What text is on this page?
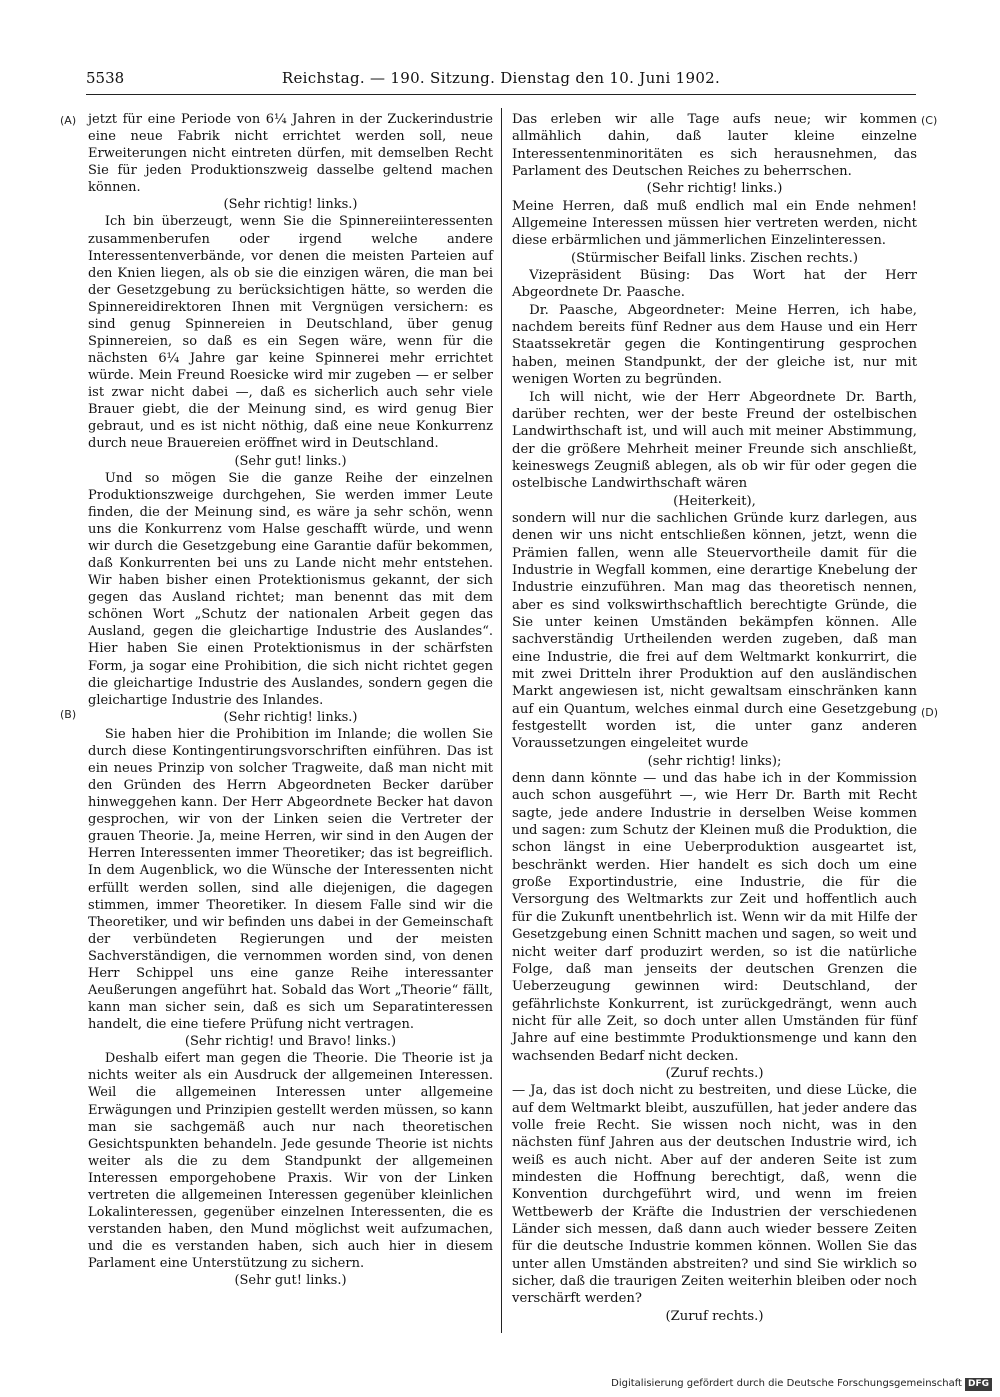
5538	Reichstag. — 190. Sitzung. Dienstag den 10. Juni 1902.
(A)
(B)
(C)
(D)

jetzt für eine Periode von 6¼ Jahren in der Zuckerindustrie eine neue Fabrik nicht errichtet werden soll, neue Erweiterungen nicht eintreten dürfen, mit demselben Recht Sie für jeden Produktionszweig dasselbe geltend machen können.

(Sehr richtig! links.)

Ich bin überzeugt, wenn Sie die Spinnereiinteressenten zusammenberufen oder irgend welche andere Interessentenverbände, vor denen die meisten Parteien auf den Knien liegen, als ob sie die einzigen wären, die man bei der Gesetzgebung zu berücksichtigen hätte, so werden die Spinnereidirektoren Ihnen mit Vergnügen versichern: es sind genug Spinnereien in Deutschland, über genug Spinnereien, so daß es ein Segen wäre, wenn für die nächsten 6¼ Jahre gar keine Spinnerei mehr errichtet würde. Mein Freund Roesicke wird mir zugeben — er selber ist zwar nicht dabei —, daß es sicherlich auch sehr viele Brauer giebt, die der Meinung sind, es wird genug Bier gebraut, und es ist nicht nöthig, daß eine neue Konkurrenz durch neue Brauereien eröffnet wird in Deutschland.

(Sehr gut! links.)

Und so mögen Sie die ganze Reihe der einzelnen Produktionszweige durchgehen, Sie werden immer Leute finden, die der Meinung sind, es wäre ja sehr schön, wenn uns die Konkurrenz vom Halse geschafft würde, und wenn wir durch die Gesetzgebung eine Garantie dafür bekommen, daß Konkurrenten bei uns zu Lande nicht mehr entstehen. Wir haben bisher einen Protektionismus gekannt, der sich gegen das Ausland richtet; man benennt das mit dem schönen Wort „Schutz der nationalen Arbeit gegen das Ausland, gegen die gleichartige Industrie des Auslandes“. Hier haben Sie einen Protektionismus in der schärfsten Form, ja sogar eine Prohibition, die sich nicht richtet gegen die gleichartige Industrie des Auslandes, sondern gegen die gleichartige Industrie des Inlandes.

(Sehr richtig! links.)

Sie haben hier die Prohibition im Inlande; die wollen Sie durch diese Kontingentirungsvorschriften einführen. Das ist ein neues Prinzip von solcher Tragweite, daß man nicht mit den Gründen des Herrn Abgeordneten Becker darüber hinweggehen kann. Der Herr Abgeordnete Becker hat davon gesprochen, wir von der Linken seien die Vertreter der grauen Theorie. Ja, meine Herren, wir sind in den Augen der Herren Interessenten immer Theoretiker; das ist begreiflich. In dem Augenblick, wo die Wünsche der Interessenten nicht erfüllt werden sollen, sind alle diejenigen, die dagegen stimmen, immer Theoretiker. In diesem Falle sind wir die Theoretiker, und wir befinden uns dabei in der Gemeinschaft der verbündeten Regierungen und der meisten Sachverständigen, die vernommen worden sind, von denen Herr Schippel uns eine ganze Reihe interessanter Aeußerungen angeführt hat. Sobald das Wort „Theorie“ fällt, kann man sicher sein, daß es sich um Separatinteressen handelt, die eine tiefere Prüfung nicht vertragen.

(Sehr richtig! und Bravo! links.)

Deshalb eifert man gegen die Theorie. Die Theorie ist ja nichts weiter als ein Ausdruck der allgemeinen Interessen. Weil die allgemeinen Interessen unter allgemeine Erwägungen und Prinzipien gestellt werden müssen, so kann man sie sachgemäß auch nur nach theoretischen Gesichtspunkten behandeln. Jede gesunde Theorie ist nichts weiter als die zu dem Standpunkt der allgemeinen Interessen emporgehobene Praxis. Wir von der Linken vertreten die allgemeinen Interessen gegenüber kleinlichen Lokalinteressen, gegenüber einzelnen Interessenten, die es verstanden haben, den Mund möglichst weit aufzumachen, und die es verstanden haben, sich auch hier in diesem Parlament eine Unterstützung zu sichern.

(Sehr gut! links.)

Das erleben wir alle Tage aufs neue; wir kommen allmählich dahin, daß lauter kleine einzelne Interessentenminoritäten es sich herausnehmen, das Parlament des Deutschen Reiches zu beherrschen.

(Sehr richtig! links.)

Meine Herren, daß muß endlich mal ein Ende nehmen! Allgemeine Interessen müssen hier vertreten werden, nicht diese erbärmlichen und jämmerlichen Einzelinteressen.

(Stürmischer Beifall links. Zischen rechts.)

Vizepräsident Büsing: Das Wort hat der Herr Abgeordnete Dr. Paasche.

Dr. Paasche, Abgeordneter: Meine Herren, ich habe, nachdem bereits fünf Redner aus dem Hause und ein Herr Staatssekretär gegen die Kontingentirung gesprochen haben, meinen Standpunkt, der der gleiche ist, nur mit wenigen Worten zu begründen.

Ich will nicht, wie der Herr Abgeordnete Dr. Barth, darüber rechten, wer der beste Freund der ostelbischen Landwirthschaft ist, und will auch mit meiner Abstimmung, der die größere Mehrheit meiner Freunde sich anschließt, keineswegs Zeugniß ablegen, als ob wir für oder gegen die ostelbische Landwirthschaft wären

(Heiterkeit),

sondern will nur die sachlichen Gründe kurz darlegen, aus denen wir uns nicht entschließen können, jetzt, wenn die Prämien fallen, wenn alle Steuervortheile damit für die Industrie in Wegfall kommen, eine derartige Knebelung der Industrie einzuführen. Man mag das theoretisch nennen, aber es sind volkswirthschaftlich berechtigte Gründe, die Sie unter keinen Umständen bekämpfen können. Alle sachverständig Urtheilenden werden zugeben, daß man eine Industrie, die frei auf dem Weltmarkt konkurrirt, die mit zwei Dritteln ihrer Produktion auf den ausländischen Markt angewiesen ist, nicht gewaltsam einschränken kann auf ein Quantum, welches einmal durch eine Gesetzgebung festgestellt worden ist, die unter ganz anderen Voraussetzungen eingeleitet wurde

(sehr richtig! links);

denn dann könnte — und das habe ich in der Kommission auch schon ausgeführt —, wie Herr Dr. Barth mit Recht sagte, jede andere Industrie in derselben Weise kommen und sagen: zum Schutz der Kleinen muß die Produktion, die schon längst in eine Ueberproduktion ausgeartet ist, beschränkt werden. Hier handelt es sich doch um eine große Exportindustrie, eine Industrie, die für die Versorgung des Weltmarkts zur Zeit und hoffentlich auch für die Zukunft unentbehrlich ist. Wenn wir da mit Hilfe der Gesetzgebung einen Schnitt machen und sagen, so weit und nicht weiter darf produzirt werden, so ist die natürliche Folge, daß man jenseits der deutschen Grenzen die Ueberzeugung gewinnen wird: Deutschland, der gefährlichste Konkurrent, ist zurückgedrängt, wenn auch nicht für alle Zeit, so doch unter allen Umständen für fünf Jahre auf eine bestimmte Produktionsmenge und kann den wachsenden Bedarf nicht decken.

(Zuruf rechts.)

— Ja, das ist doch nicht zu bestreiten, und diese Lücke, die auf dem Weltmarkt bleibt, auszufüllen, hat jeder andere das volle freie Recht. Sie wissen noch nicht, was in den nächsten fünf Jahren aus der deutschen Industrie wird, ich weiß es auch nicht. Aber auf der anderen Seite ist zum mindesten die Hoffnung berechtigt, daß, wenn die Konvention durchgeführt wird, und wenn im freien Wettbewerb der Kräfte die Industrien der verschiedenen Länder sich messen, daß dann auch wieder bessere Zeiten für die deutsche Industrie kommen können. Wollen Sie das unter allen Umständen abstreiten? und sind Sie wirklich so sicher, daß die traurigen Zeiten weiterhin bleiben oder noch verschärft werden?

(Zuruf rechts.)

Digitalisierung gefördert durch die Deutsche Forschungsgemeinschaft DFG
